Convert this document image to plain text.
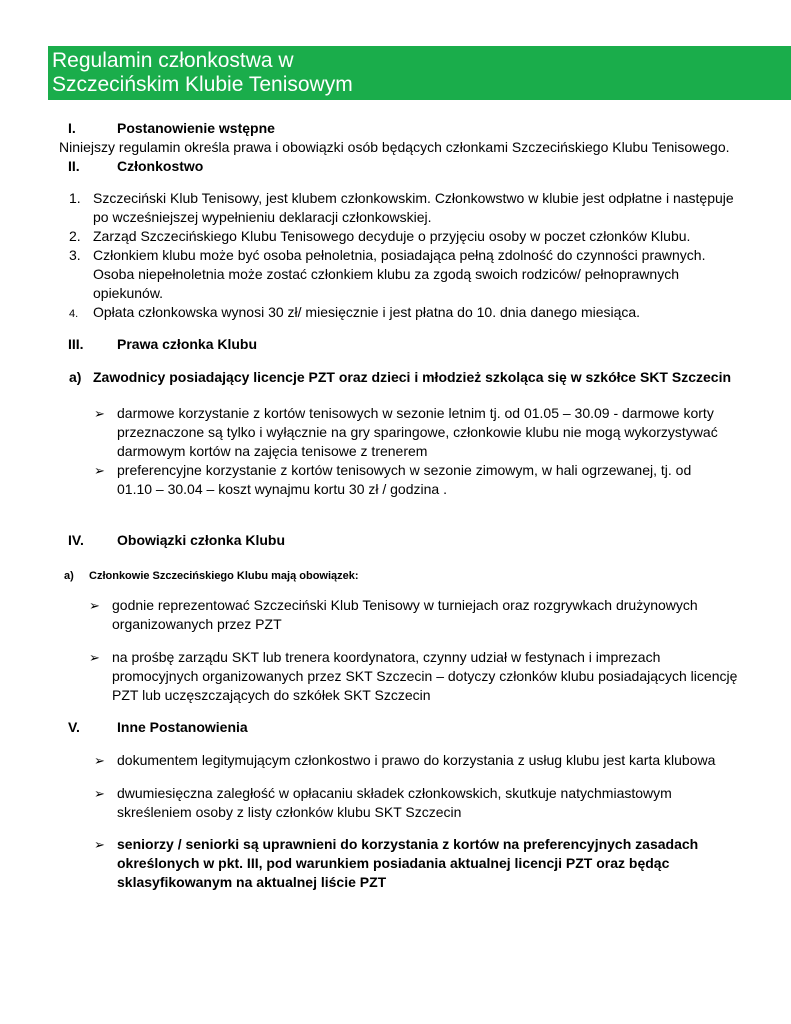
Regulamin członkostwa w
Szczecińskim Klubie Tenisowym
I.	Postanowienie wstępne
Niniejszy regulamin określa prawa i obowiązki osób będących członkami Szczecińskiego Klubu Tenisowego.
II.	Członkostwo
1. Szczeciński Klub Tenisowy, jest klubem członkowskim. Członkowstwo w klubie jest odpłatne i następuje
po wcześniejszej wypełnieniu deklaracji członkowskiej.
2. Zarząd Szczecińskiego Klubu Tenisowego decyduje o przyjęciu osoby w poczet członków Klubu.
3. Członkiem klubu może być osoba pełnoletnia, posiadająca pełną zdolność do czynności prawnych.
Osoba niepełnoletnia może zostać członkiem klubu za zgodą swoich rodziców/ pełnoprawnych
opiekunów.
4. Opłata członkowska wynosi 30 zł/ miesięcznie i jest płatna do 10. dnia danego miesiąca.
III. Prawa członka Klubu
a) Zawodnicy posiadający licencje PZT oraz dzieci i młodzież szkoląca się w szkółce SKT Szczecin
➢ darmowe korzystanie z kortów tenisowych w sezonie letnim tj. od 01.05 – 30.09 - darmowe korty
przeznaczone są tylko i wyłącznie na gry sparingowe, członkowie klubu nie mogą wykorzystywać
darmowym kortów na zajęcia tenisowe z trenerem
➢ preferencyjne korzystanie z kortów tenisowych w sezonie zimowym, w hali ogrzewanej, tj. od
01.10 – 30.04 – koszt wynajmu kortu 30 zł / godzina .
IV. Obowiązki członka Klubu
a) Członkowie Szczecińskiego Klubu mają obowiązek:
➢ godnie reprezentować Szczeciński Klub Tenisowy w turniejach oraz rozgrywkach drużynowych
organizowanych przez PZT
➢ na prośbę zarządu SKT lub trenera koordynatora, czynny udział w festynach i imprezach
promocyjnych organizowanych przez SKT Szczecin – dotyczy członków klubu posiadających licencję
PZT lub uczęszczających do szkółek SKT Szczecin
V.	Inne Postanowienia
➢ dokumentem legitymującym członkostwo i prawo do korzystania z usług klubu jest karta klubowa
➢ dwumiesięczna zaległość w opłacaniu składek członkowskich, skutkuje natychmiastowym
skreśleniem osoby z listy członków klubu SKT Szczecin
➢ seniorzy / seniorki są uprawnieni do korzystania z kortów na preferencyjnych zasadach
określonych w pkt. III, pod warunkiem posiadania aktualnej licencji PZT oraz będąc
sklasyfikowanym na aktualnej liście PZT
